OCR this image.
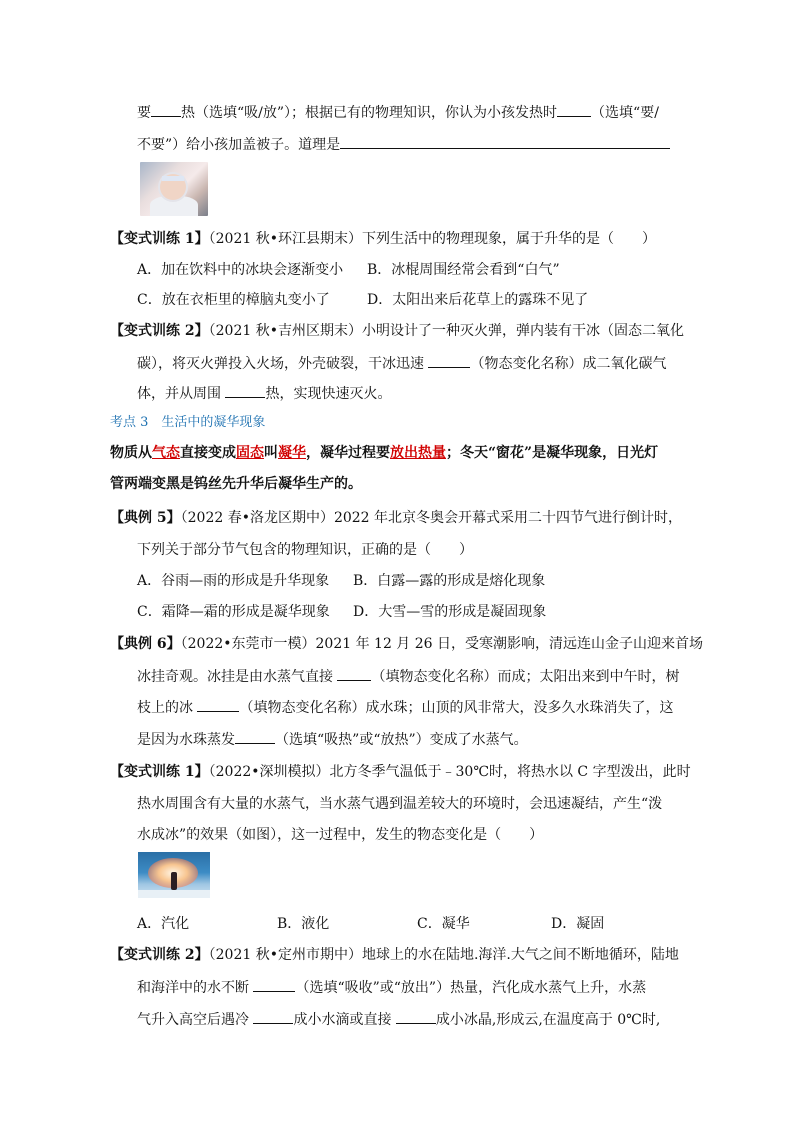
要 热（选填“吸/放”）；根据已有的物理知识，你认为小孩发热时 （选填“要/
不要”）给小孩加盖被子。道理是
【变式训练 1】（2021 秋•环江县期末）下列生活中的物理现象，属于升华的是（　　）
A．加在饮料中的冰块会逐渐变小 B．冰棍周围经常会看到“白气”
C．放在衣柜里的樟脑丸变小了	D．太阳出来后花草上的露珠不见了
【变式训练 2】（2021 秋•吉州区期末）小明设计了一种灭火弹，弹内装有干冰（固态二氧化
碳），将灭火弹投入火场，外壳破裂，干冰迅速	（物态变化名称）成二氧化碳气
体，并从周围	热，实现快速灭火。
考点 3　生活中的凝华现象
物质从气态直接变成固态叫凝华，凝华过程要放出热量；冬天“窗花”是凝华现象，日光灯
管两端变黑是钨丝先升华后凝华生产的。
【典例 5】（2022 春•洛龙区期中）2022 年北京冬奥会开幕式采用二十四节气进行倒计时，
下列关于部分节气包含的物理知识，正确的是（　　）
A．谷雨—雨的形成是升华现象 B．白露—露的形成是熔化现象
C．霜降—霜的形成是凝华现象 D．大雪—雪的形成是凝固现象
【典例 6】（2022•东莞市一模）2021 年 12 月 26 日，受寒潮影响，清远连山金子山迎来首场
冰挂奇观。冰挂是由水蒸气直接	（填物态变化名称）而成；太阳出来到中午时，树
枝上的冰	（填物态变化名称）成水珠；山顶的风非常大，没多久水珠消失了，这
是因为水珠蒸发	（选填“吸热”或“放热”）变成了水蒸气。
【变式训练 1】（2022•深圳模拟）北方冬季气温低于﹣30℃时，将热水以 C 字型泼出，此时
热水周围含有大量的水蒸气，当水蒸气遇到温差较大的环境时，会迅速凝结，产生“泼
水成冰”的效果（如图），这一过程中，发生的物态变化是（　　）
A．汽化	B．液化	C．凝华	D．凝固
【变式训练 2】（2021 秋•定州市期中）地球上的水在陆地.海洋.大气之间不断地循环，陆地
和海洋中的水不断	（选填“吸收”或“放出”）热量，汽化成水蒸气上升，水蒸
气升入高空后遇冷	成小水滴或直接	成小冰晶,形成云,在温度高于 0℃时,
